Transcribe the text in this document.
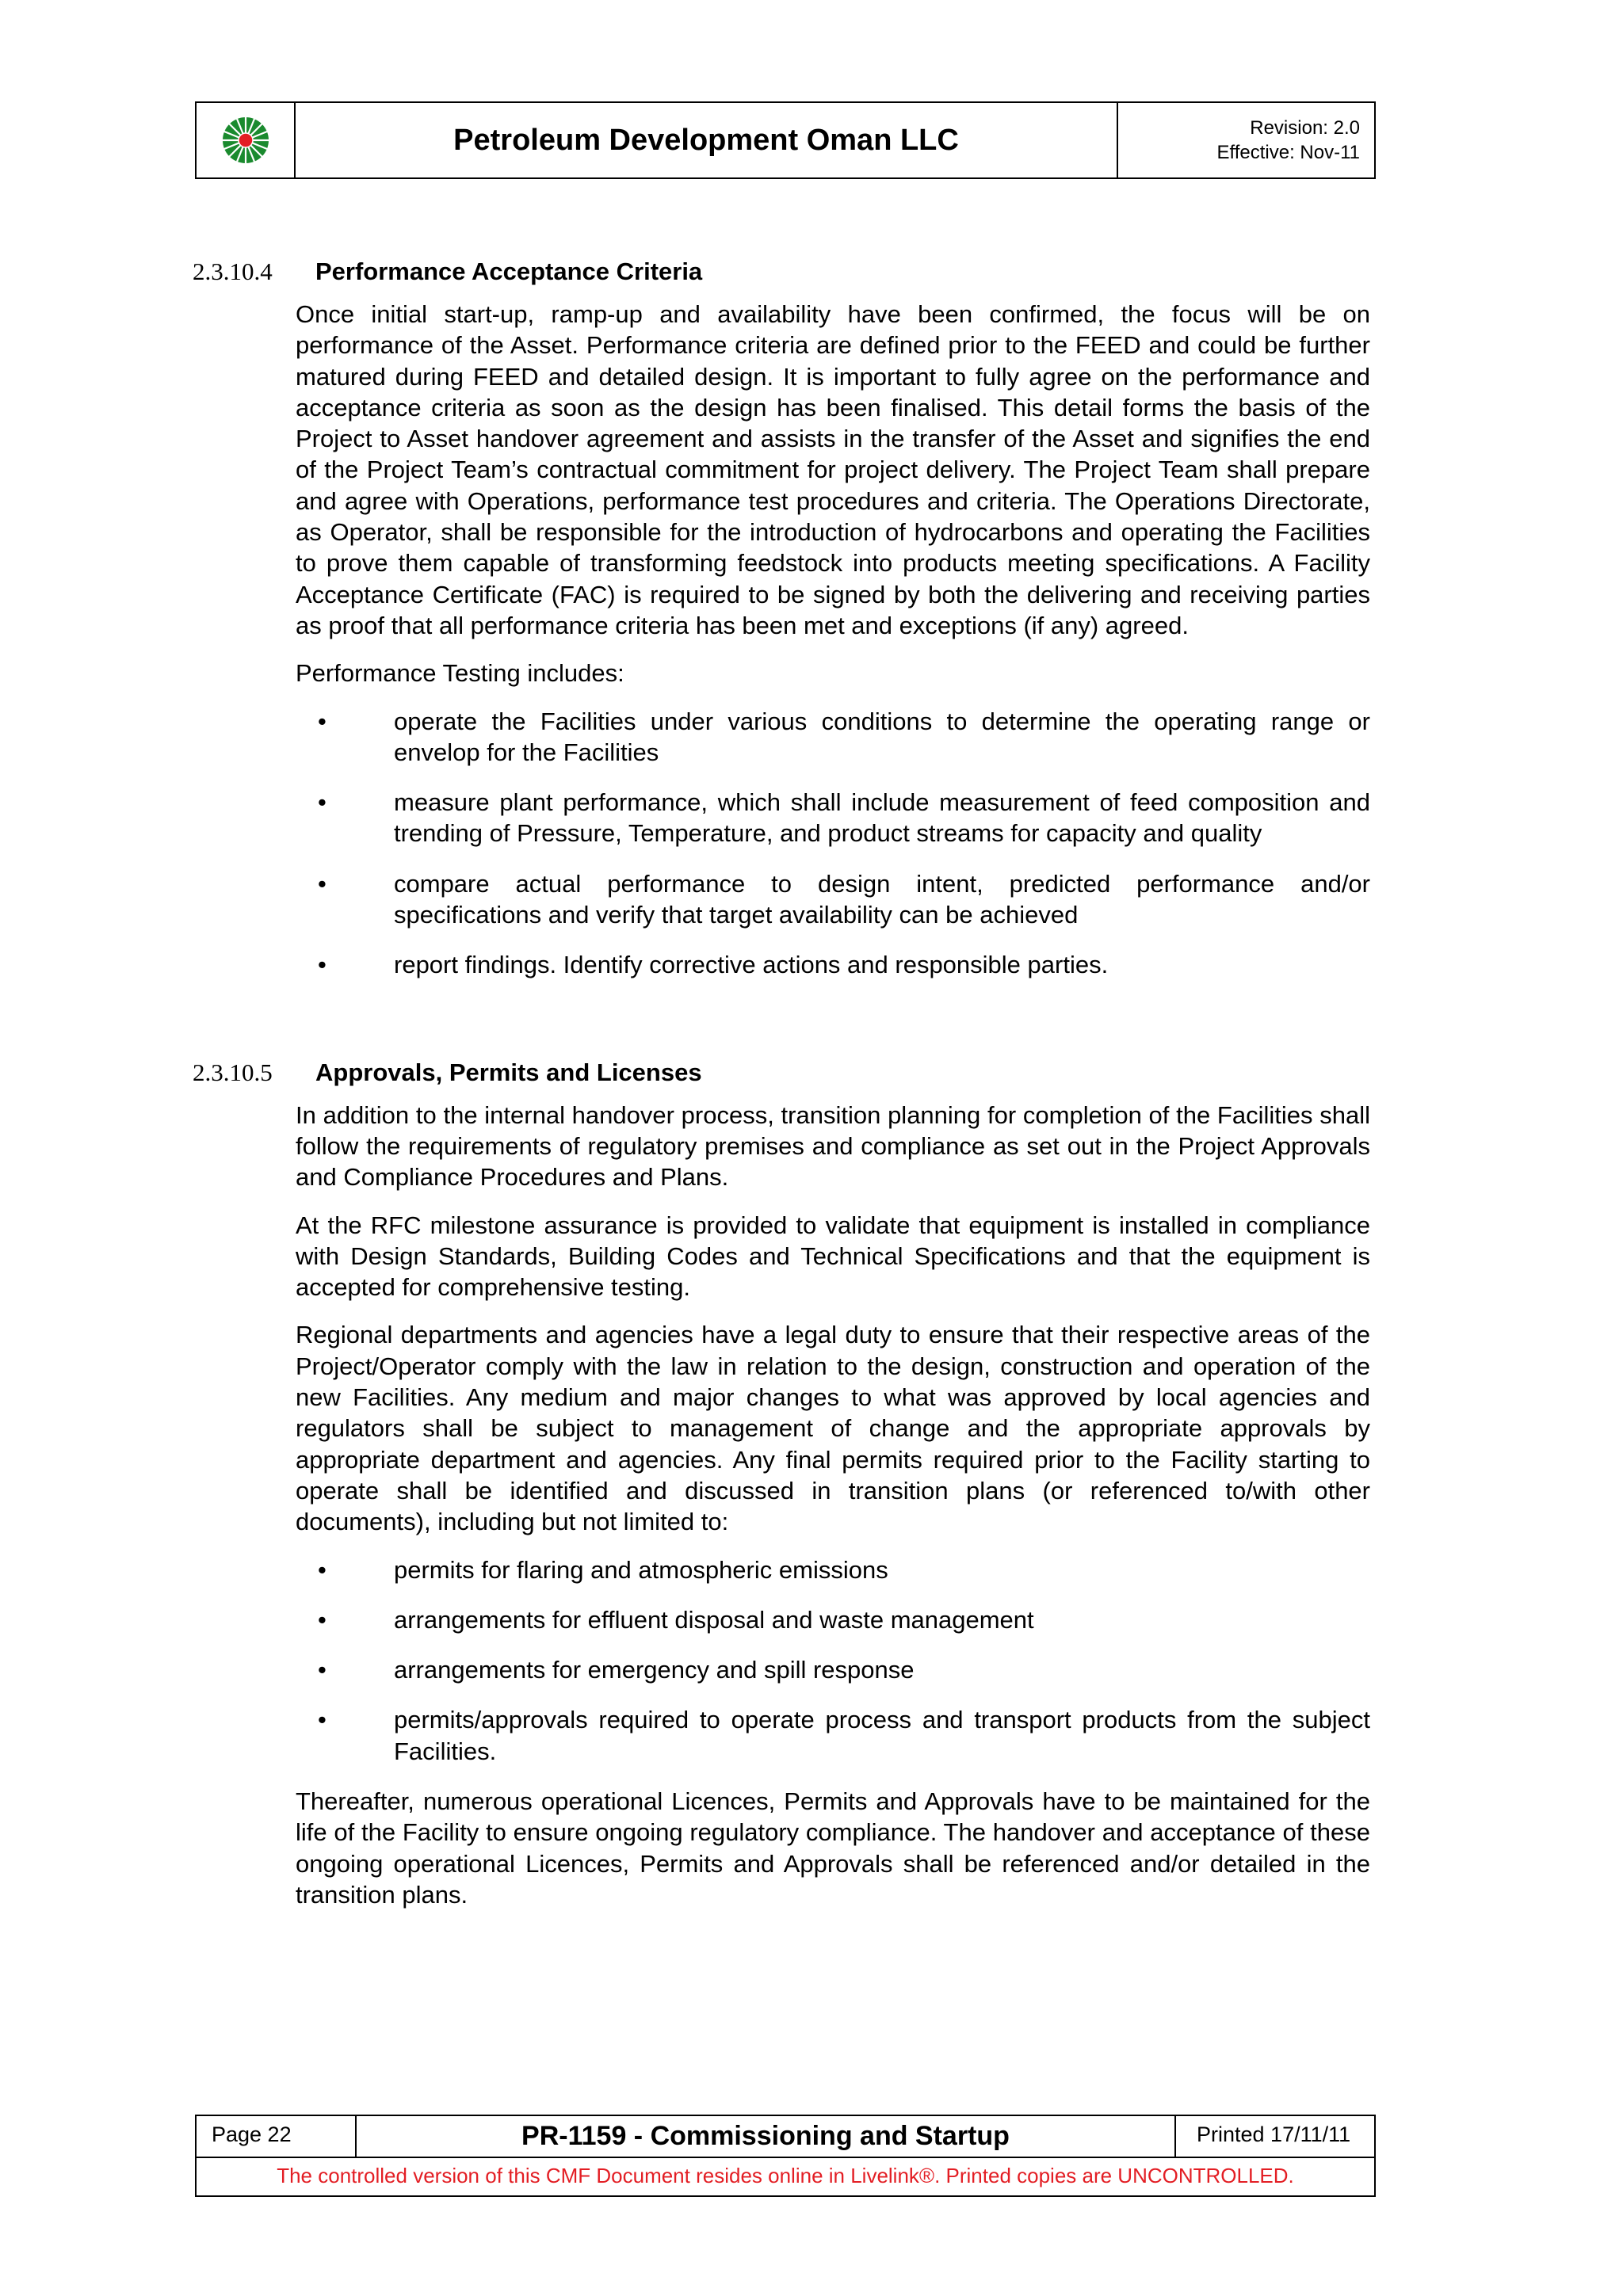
Petroleum Development Oman LLC	Revision: 2.0
Effective: Nov-11
2.3.10.4	Performance Acceptance Criteria

Once initial start-up, ramp-up and availability have been confirmed, the focus will be on performance of the Asset. Performance criteria are defined prior to the FEED and could be further matured during FEED and detailed design. It is important to fully agree on the performance and acceptance criteria as soon as the design has been finalised. This detail forms the basis of the Project to Asset handover agreement and assists in the transfer of the Asset and signifies the end of the Project Team’s contractual commitment for project delivery. The Project Team shall prepare and agree with Operations, performance test procedures and criteria. The Operations Directorate, as Operator, shall be responsible for the introduction of hydrocarbons and operating the Facilities to prove them capable of transforming feedstock into products meeting specifications. A Facility Acceptance Certificate (FAC) is required to be signed by both the delivering and receiving parties as proof that all performance criteria has been met and exceptions (if any) agreed.

Performance Testing includes:

•	operate the Facilities under various conditions to determine the operating range or envelop for the Facilities
•	measure plant performance, which shall include measurement of feed composition and trending of Pressure, Temperature, and product streams for capacity and quality
•	compare actual performance to design intent, predicted performance and/or specifications and verify that target availability can be achieved
•	report findings. Identify corrective actions and responsible parties.
2.3.10.5	Approvals, Permits and Licenses

In addition to the internal handover process, transition planning for completion of the Facilities shall follow the requirements of regulatory premises and compliance as set out in the Project Approvals and Compliance Procedures and Plans.

At the RFC milestone assurance is provided to validate that equipment is installed in compliance with Design Standards, Building Codes and Technical Specifications and that the equipment is accepted for comprehensive testing.

Regional departments and agencies have a legal duty to ensure that their respective areas of the Project/Operator comply with the law in relation to the design, construction and operation of the new Facilities. Any medium and major changes to what was approved by local agencies and regulators shall be subject to management of change and the appropriate approvals by appropriate department and agencies. Any final permits required prior to the Facility starting to operate shall be identified and discussed in transition plans (or referenced to/with other documents), including but not limited to:

•	permits for flaring and atmospheric emissions
•	arrangements for effluent disposal and waste management
•	arrangements for emergency and spill response
•	permits/approvals required to operate process and transport products from the subject Facilities.

Thereafter, numerous operational Licences, Permits and Approvals have to be maintained for the life of the Facility to ensure ongoing regulatory compliance. The handover and acceptance of these ongoing operational Licences, Permits and Approvals shall be referenced and/or detailed in the transition plans.

Page 22	PR-1159 - Commissioning and Startup	Printed 17/11/11
The controlled version of this CMF Document resides online in Livelink®. Printed copies are UNCONTROLLED.
